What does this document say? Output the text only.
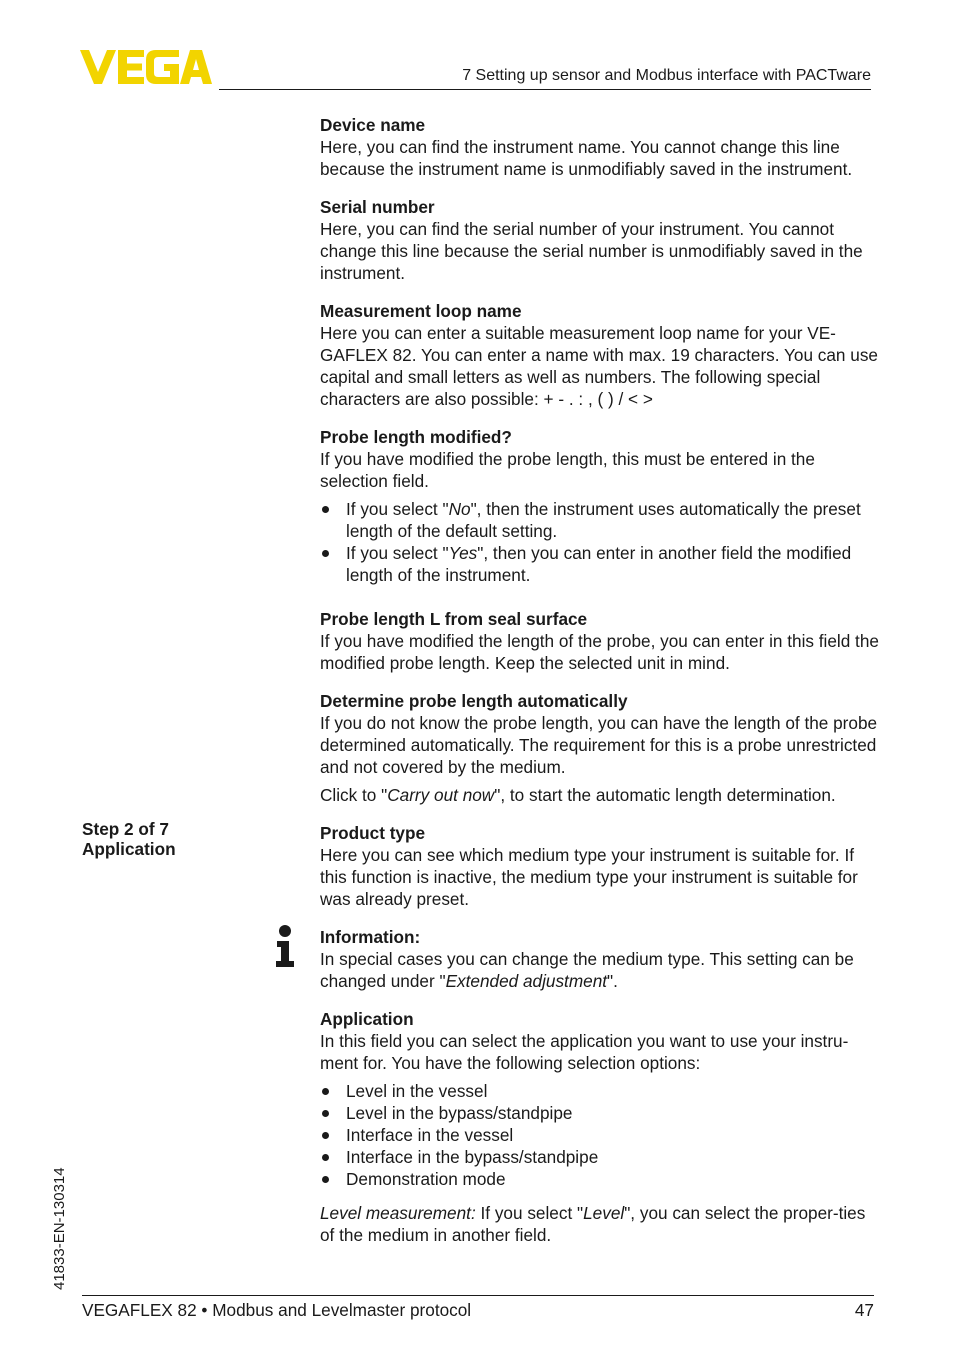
7 Setting up sensor and Modbus interface with PACTware
Step 2 of 7
Application
Device name

Here, you can find the instrument name. You cannot change this line because the instrument name is unmodifiably saved in the instrument.

Serial number

Here, you can find the serial number of your instrument. You cannot change this line because the serial number is unmodifiably saved in the instrument.

Measurement loop name

Here you can enter a suitable measurement loop name for your VE-GAFLEX 82. You can enter a name with max. 19 characters. You can use capital and small letters as well as numbers. The following special characters are also possible: + - . : , ( ) / < >

Probe length modified?

If you have modified the probe length, this must be entered in the selection field.

If you select "No", then the instrument uses automatically the preset length of the default setting.
If you select "Yes", then you can enter in another field the modified length of the instrument.
Probe length L from seal surface

If you have modified the length of the probe, you can enter in this field the modified probe length. Keep the selected unit in mind.

Determine probe length automatically

If you do not know the probe length, you can have the length of the probe determined automatically. The requirement for this is a probe unrestricted and not covered by the medium.

Click to "Carry out now", to start the automatic length determination.

Product type

Here you can see which medium type your instrument is suitable for. If this function is inactive, the medium type your instrument is suitable for was already preset.

Information:

In special cases you can change the medium type. This setting can be changed under "Extended adjustment".

Application

In this field you can select the application you want to use your instru-ment for. You have the following selection options:

Level in the vessel
Level in the bypass/standpipe
Interface in the vessel
Interface in the bypass/standpipe
Demonstration mode

Level measurement: If you select "Level", you can select the proper-ties of the medium in another field.

41833-EN-130314
VEGAFLEX 82 • Modbus and Levelmaster protocol	47
